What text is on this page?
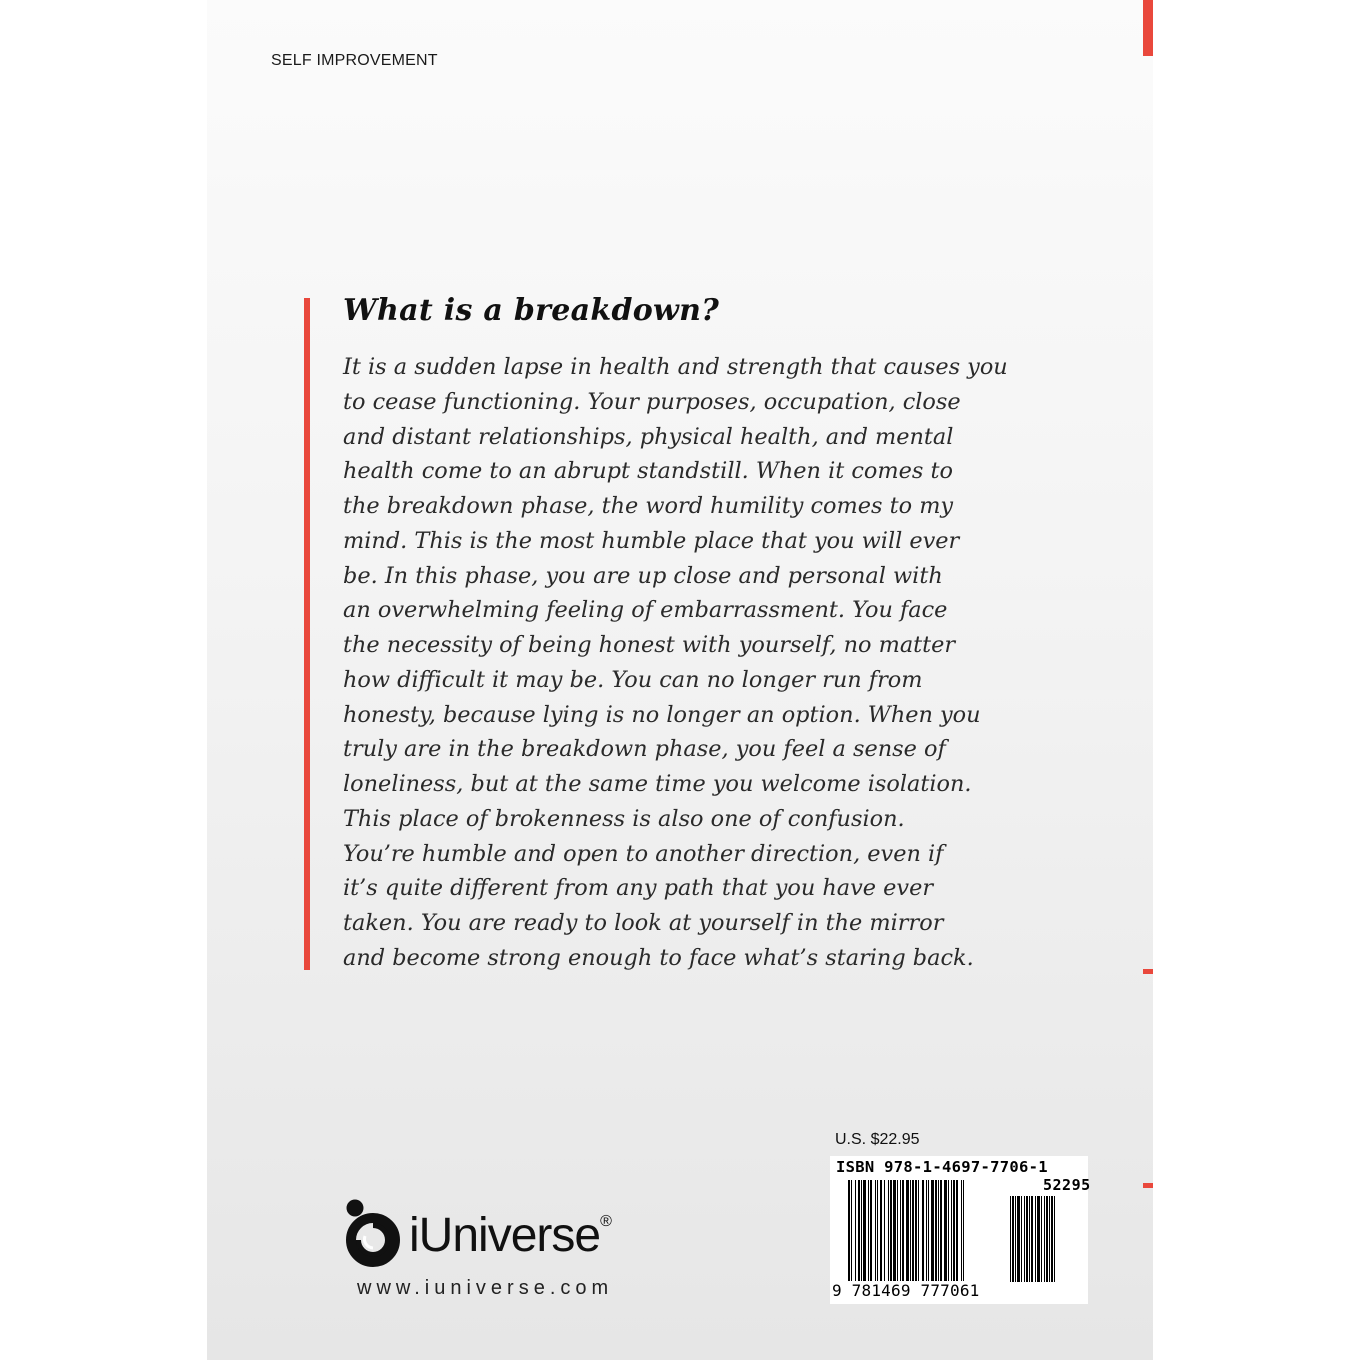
SELF IMPROVEMENT
What is a breakdown?
It is a sudden lapse in health and strength that causes you
to cease functioning. Your purposes, occupation, close
and distant relationships, physical health, and mental
health come to an abrupt standstill. When it comes to
the breakdown phase, the word humility comes to my
mind. This is the most humble place that you will ever
be. In this phase, you are up close and personal with
an overwhelming feeling of embarrassment. You face
the necessity of being honest with yourself, no matter
how difficult it may be. You can no longer run from
honesty, because lying is no longer an option. When you
truly are in the breakdown phase, you feel a sense of
loneliness, but at the same time you welcome isolation.
This place of brokenness is also one of confusion.
You’re humble and open to another direction, even if
it’s quite different from any path that you have ever
taken. You are ready to look at yourself in the mirror
and become strong enough to face what’s staring back.
iUniverse®
www.iuniverse.com
U.S. $22.95
ISBN 978-1-4697-7706-1
52295
9 781469 777061
